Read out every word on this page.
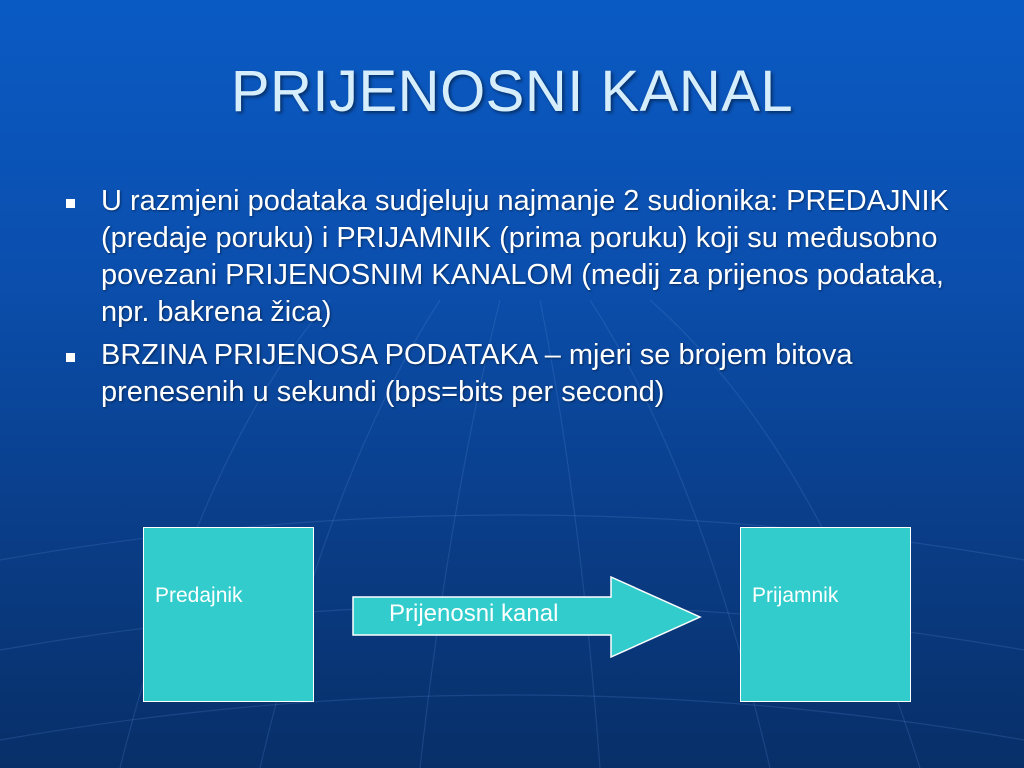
PRIJENOSNI KANAL
U razmjeni podataka sudjeluju najmanje 2 sudionika: PREDAJNIK (predaje poruku) i PRIJAMNIK (prima poruku) koji su međusobno povezani PRIJENOSNIM KANALOM (medij za prijenos podataka, npr. bakrena žica)
BRZINA PRIJENOSA PODATAKA – mjeri se brojem bitova prenesenih u sekundi (bps=bits per second)
Predajnik
Prijenosni kanal
Prijamnik
